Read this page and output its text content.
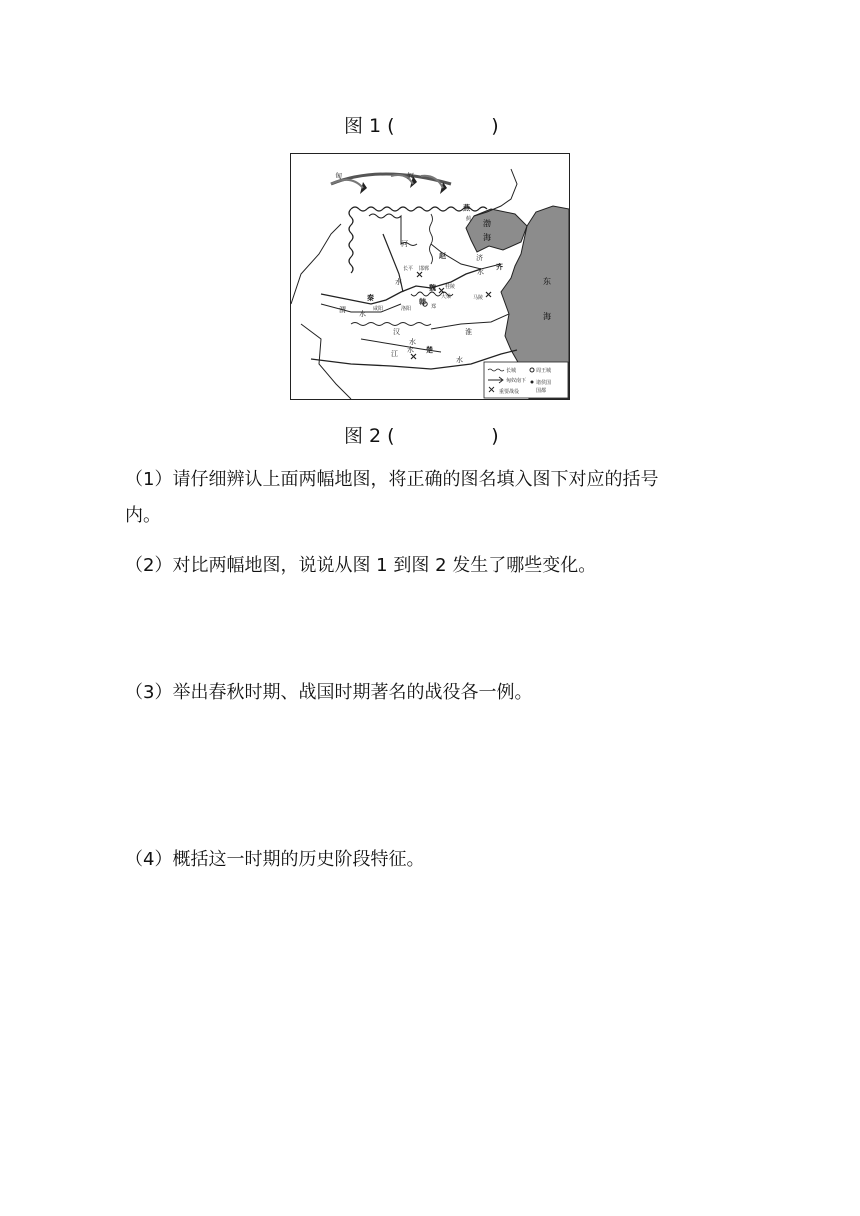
图 1 (                )
匈	奴
燕
蓟
赵
秦
魏
韩
齐
楚
渤
海
东
海
河
水
渭 水
汉
水
江 水
淮
水
济
水
长平 邯郸
大梁
洛阳
咸阳
马陵
桂陵
郑
长城	周王城
匈奴南下 诸侯国
国都
重要战役
图 2 (                )
（1）请仔细辨认上面两幅地图，将正确的图名填入图下对应的括号
内。
（2）对比两幅地图，说说从图 1 到图 2 发生了哪些变化。
（3）举出春秋时期、战国时期著名的战役各一例。
（4）概括这一时期的历史阶段特征。
